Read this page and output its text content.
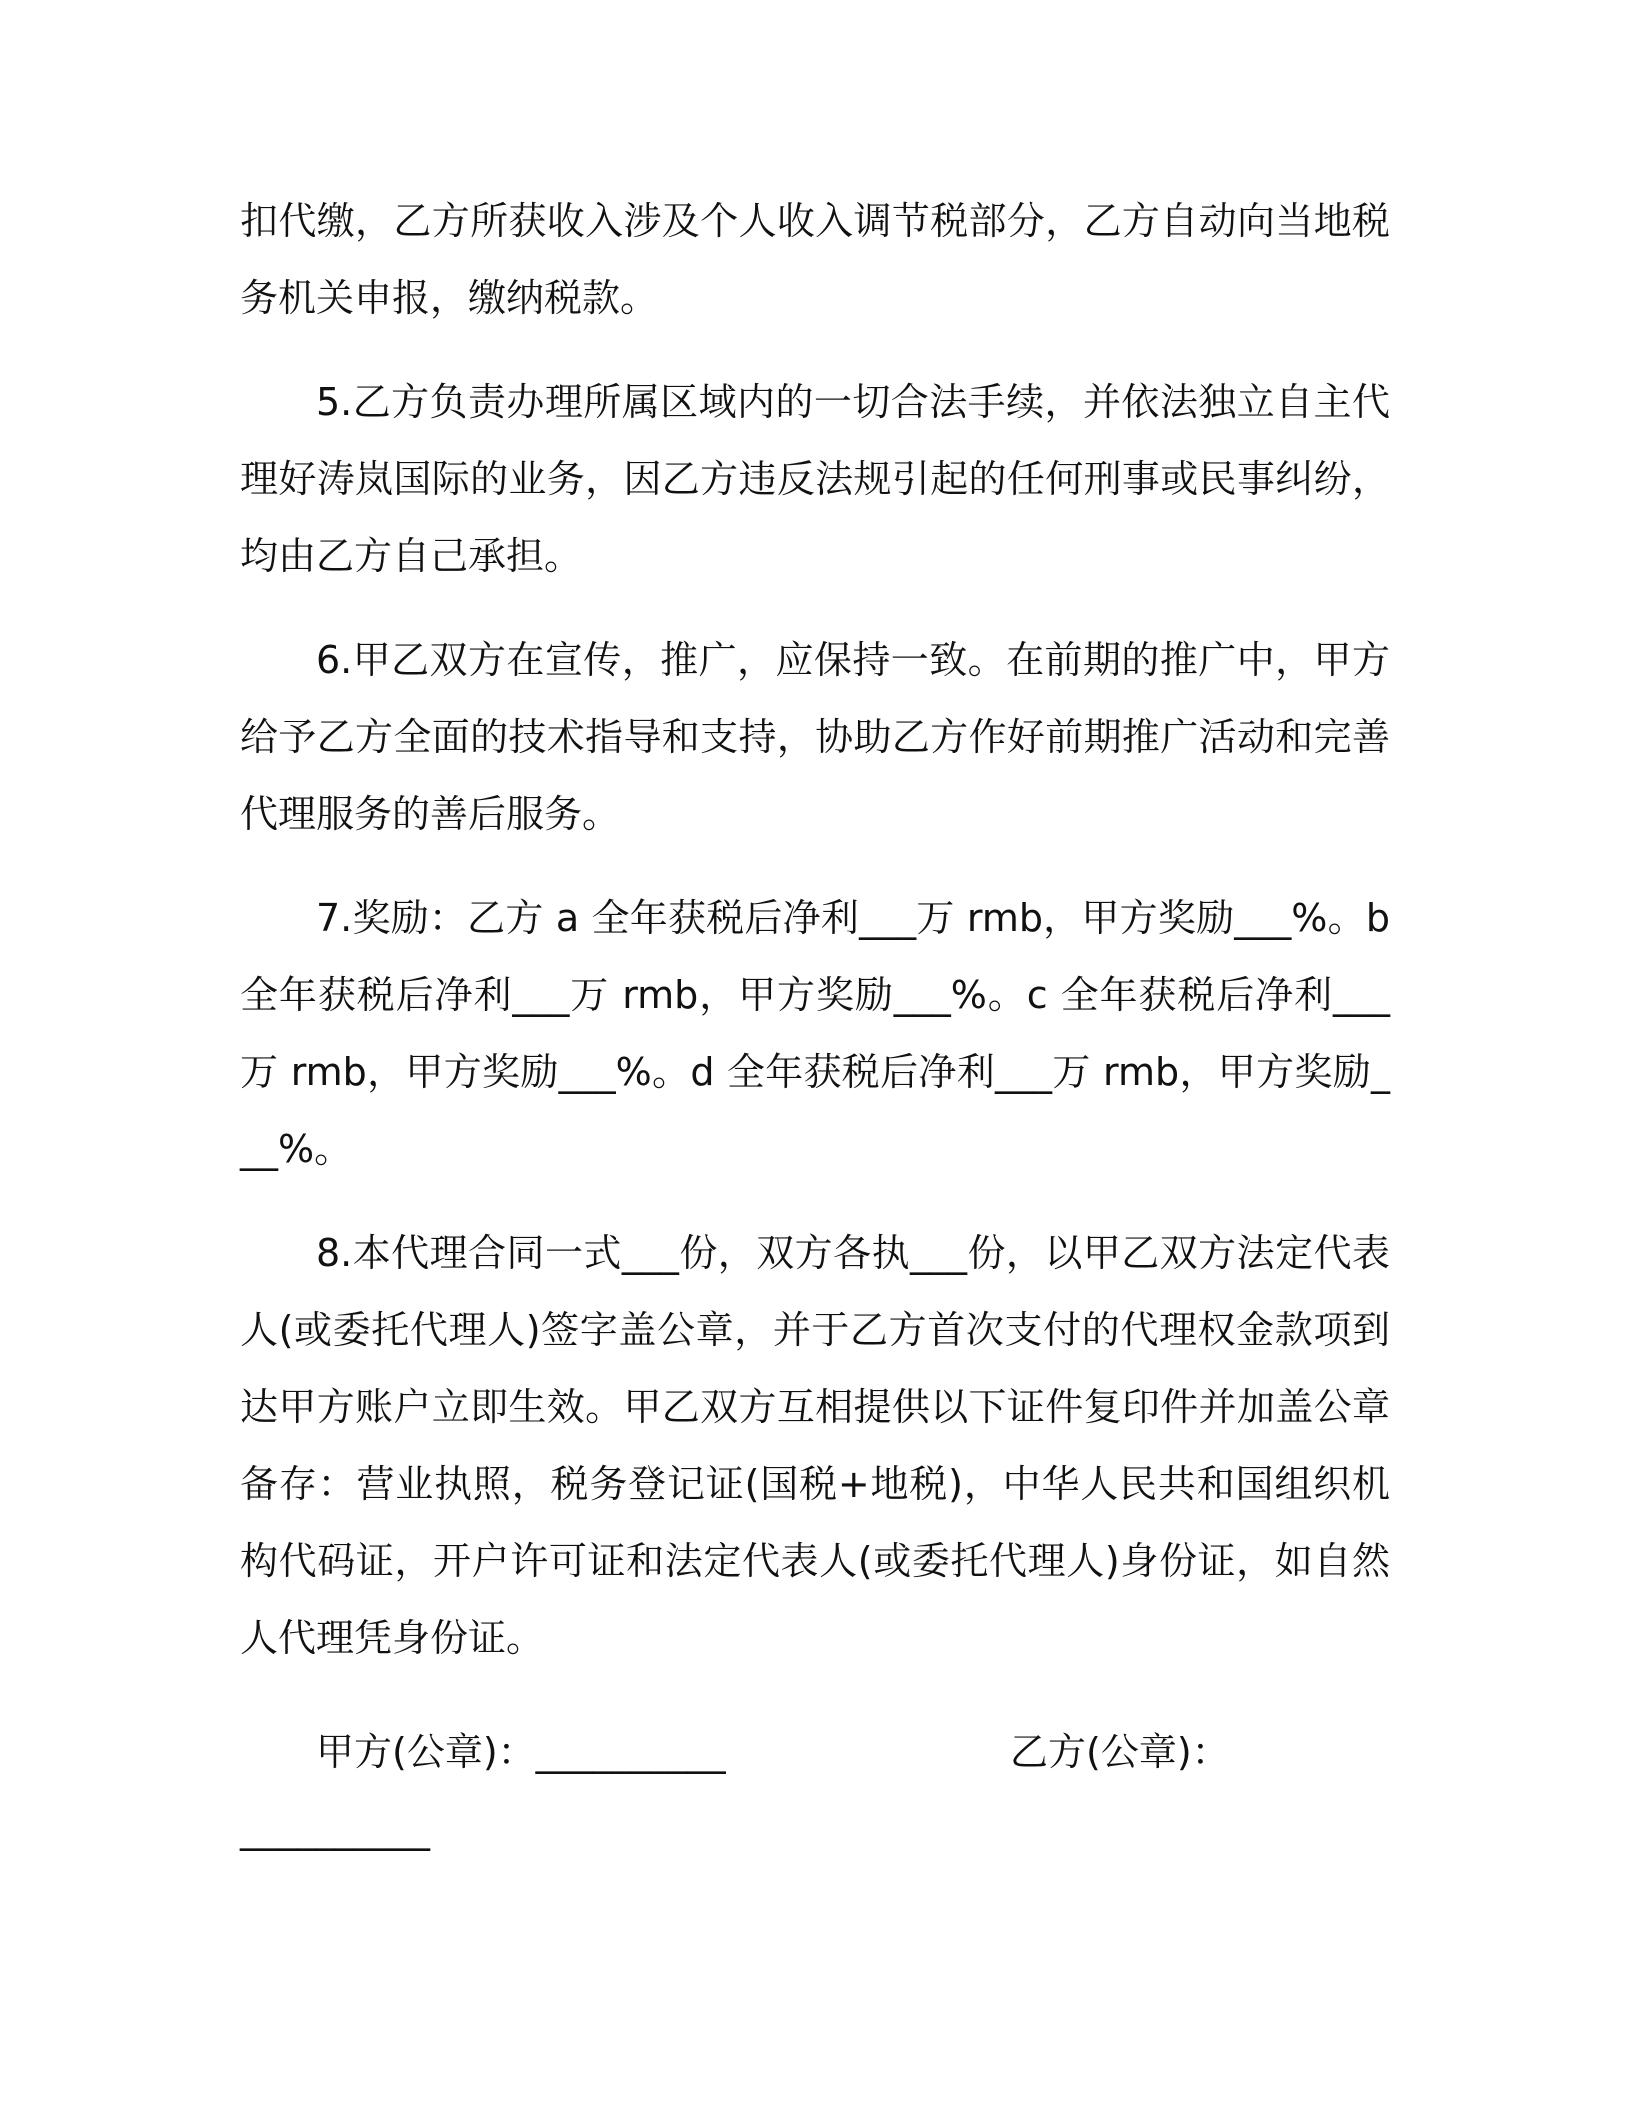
扣代缴，乙方所获收入涉及个人收入调节税部分，乙方自动向当地税务机关申报，缴纳税款。

5.乙方负责办理所属区域内的一切合法手续，并依法独立自主代理好涛岚国际的业务，因乙方违反法规引起的任何刑事或民事纠纷，均由乙方自己承担。

6.甲乙双方在宣传，推广，应保持一致。在前期的推广中，甲方给予乙方全面的技术指导和支持，协助乙方作好前期推广活动和完善代理服务的善后服务。

7.奖励：乙方 a 全年获税后净利___万 rmb，甲方奖励___%。b 全年获税后净利___万 rmb，甲方奖励___%。c 全年获税后净利___万 rmb，甲方奖励___%。d 全年获税后净利___万 rmb，甲方奖励___%。

8.本代理合同一式___份，双方各执___份，以甲乙双方法定代表人(或委托代理人)签字盖公章，并于乙方首次支付的代理权金款项到达甲方账户立即生效。甲乙双方互相提供以下证件复印件并加盖公章备存：营业执照，税务登记证(国税+地税)，中华人民共和国组织机构代码证，开户许可证和法定代表人(或委托代理人)身份证，如自然人代理凭身份证。

甲方(公章)：__________	乙方(公章)：
__________
